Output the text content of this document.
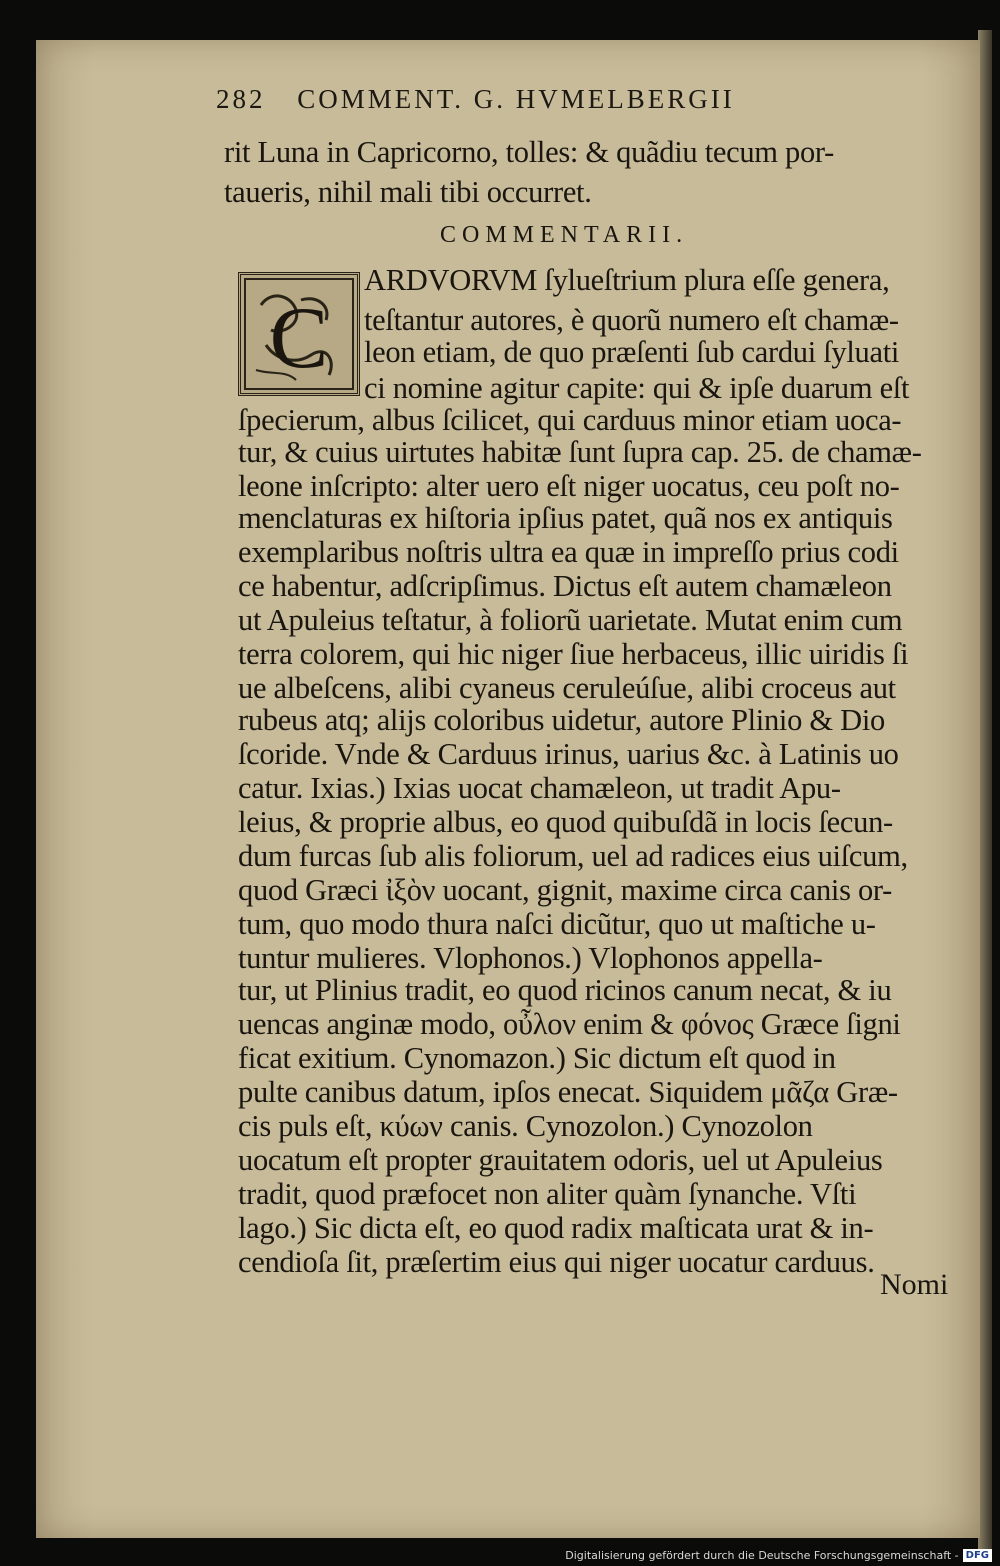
282 COMMENT. G. HVMELBERGII
rit Luna in Capricorno, tolles: & quãdiu tecum por-
taueris, nihil mali tibi occurret.
COMMENTARII.
C
ARDVORVM ſylueſtrium plura eſſe genera,
teſtantur autores, è quorũ numero eſt chamæ-
leon etiam, de quo præſenti ſub cardui ſyluati
ci nomine agitur capite: qui & ipſe duarum eſt
ſpecierum, albus ſcilicet, qui carduus minor etiam uoca-
tur, & cuius uirtutes habitæ ſunt ſupra cap. 25. de chamæ-
leone inſcripto: alter uero eſt niger uocatus, ceu poſt no-
menclaturas ex hiſtoria ipſius patet, quã nos ex antiquis
exemplaribus noſtris ultra ea quæ in impreſſo prius codi
ce habentur, adſcripſimus. Dictus eſt autem chamæleon
ut Apuleius teſtatur, à foliorũ uarietate. Mutat enim cum
terra colorem, qui hic niger ſiue herbaceus, illic uiridis ſi
ue albeſcens, alibi cyaneus ceruleúſue, alibi croceus aut
rubeus atq; alijs coloribus uidetur, autore Plinio & Dio
ſcoride. Vnde & Carduus irinus, uarius &c. à Latinis uo
catur. Ixias.) Ixias uocat chamæleon, ut tradit Apu-
leius, & proprie albus, eo quod quibuſdã in locis ſecun-
dum furcas ſub alis foliorum, uel ad radices eius uiſcum,
quod Græci ἰξὸν uocant, gignit, maxime circa canis or-
tum, quo modo thura naſci dicũtur, quo ut maſtiche u-
tuntur mulieres. Vlophonos.) Vlophonos appella-
tur, ut Plinius tradit, eo quod ricinos canum necat, & iu
uencas anginæ modo, οὖλον enim & φόνος Græce ſigni
ficat exitium. Cynomazon.) Sic dictum eſt quod in
pulte canibus datum, ipſos enecat. Siquidem μᾶζα Græ-
cis puls eſt, κύων canis. Cynozolon.) Cynozolon
uocatum eſt propter grauitatem odoris, uel ut Apuleius
tradit, quod præfocet non aliter quàm ſynanche. Vſti
lago.) Sic dicta eſt, eo quod radix maſticata urat & in-
cendioſa ſit, præſertim eius qui niger uocatur carduus.
Nomi
Digitalisierung gefördert durch die Deutsche Forschungsgemeinschaft - DFG
